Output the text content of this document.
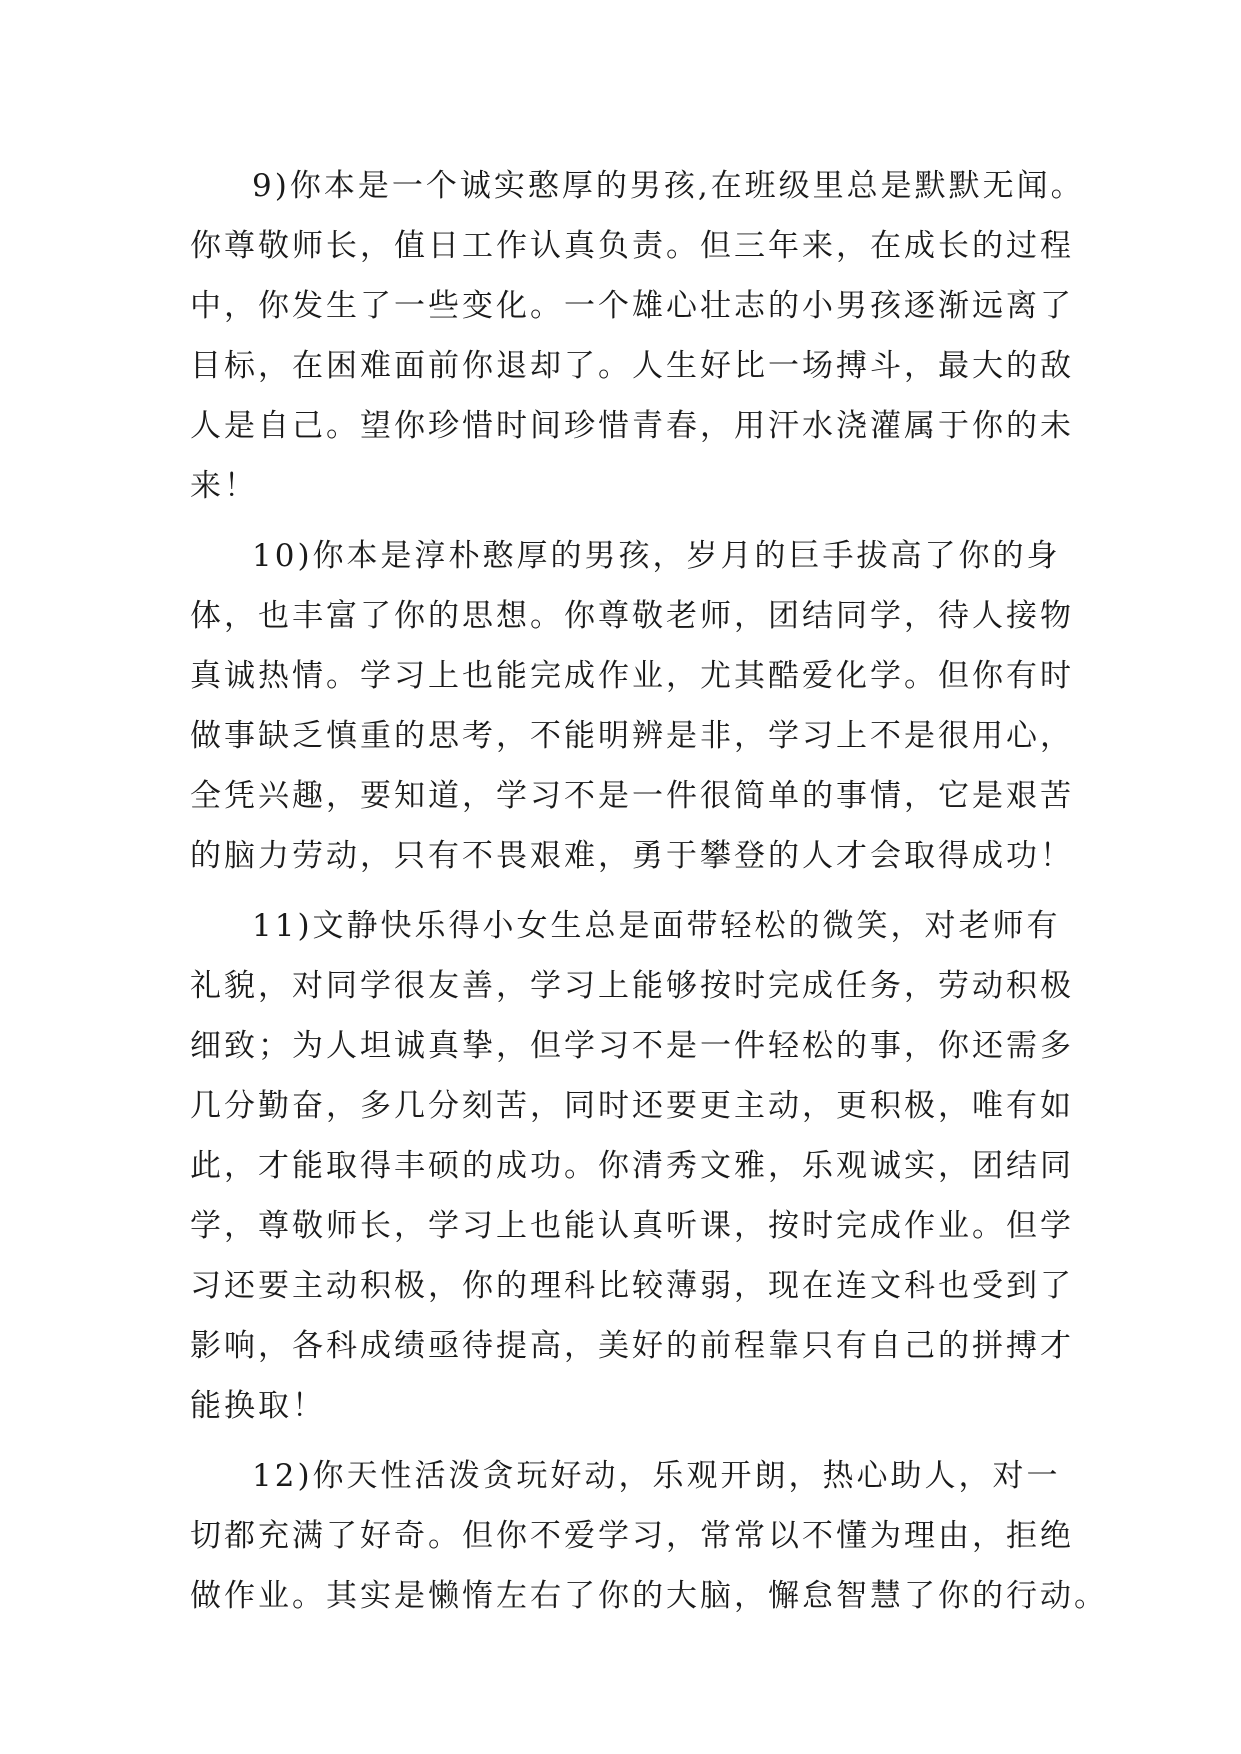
9)你本是一个诚实憨厚的男孩,在班级里总是默默无闻。
你尊敬师长，值日工作认真负责。但三年来，在成长的过程
中，你发生了一些变化。一个雄心壮志的小男孩逐渐远离了
目标，在困难面前你退却了。人生好比一场搏斗，最大的敌
人是自己。望你珍惜时间珍惜青春，用汗水浇灌属于你的未
来！
10)你本是淳朴憨厚的男孩，岁月的巨手拔高了你的身
体，也丰富了你的思想。你尊敬老师，团结同学，待人接物
真诚热情。学习上也能完成作业，尤其酷爱化学。但你有时
做事缺乏慎重的思考，不能明辨是非，学习上不是很用心，
全凭兴趣，要知道，学习不是一件很简单的事情，它是艰苦
的脑力劳动，只有不畏艰难，勇于攀登的人才会取得成功！
11)文静快乐得小女生总是面带轻松的微笑，对老师有
礼貌，对同学很友善，学习上能够按时完成任务，劳动积极
细致；为人坦诚真挚，但学习不是一件轻松的事，你还需多
几分勤奋，多几分刻苦，同时还要更主动，更积极，唯有如
此，才能取得丰硕的成功。你清秀文雅，乐观诚实，团结同
学，尊敬师长，学习上也能认真听课，按时完成作业。但学
习还要主动积极，你的理科比较薄弱，现在连文科也受到了
影响，各科成绩亟待提高，美好的前程靠只有自己的拼搏才
能换取！
12)你天性活泼贪玩好动，乐观开朗，热心助人，对一
切都充满了好奇。但你不爱学习，常常以不懂为理由，拒绝
做作业。其实是懒惰左右了你的大脑，懈怠智慧了你的行动。
